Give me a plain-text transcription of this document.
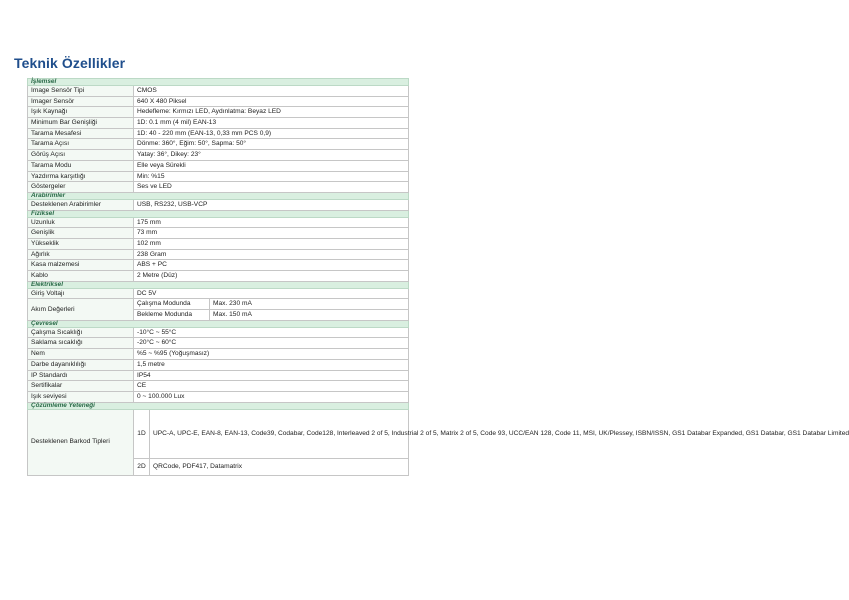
Teknik Özellikler
İşlemsel			
Image Sensör Tipi	CMOS		
Imager Sensör	640 X 480 Piksel		
Işık Kaynağı	Hedefleme: Kırmızı LED, Aydınlatma: Beyaz LED		
Minimum Bar Genişliği	1D: 0.1 mm (4 mil) EAN-13		
Tarama Mesafesi	1D: 40 - 220 mm (EAN-13, 0,33 mm PCS 0,9)		
Tarama Açısı	Dönme: 360°, Eğim: 50°, Sapma: 50°		
Görüş Açısı	Yatay: 36°, Dikey: 23°		
Tarama Modu	Elle veya Sürekli		
Yazdırma karşıtlığı	Min: %15		
Göstergeler	Ses ve LED		
Arabirimler			
Desteklenen Arabirimler	USB, RS232, USB-VCP		
Fiziksel			
Uzunluk	175 mm		
Genişlik	73 mm		
Yükseklik	102 mm		
Ağırlık	238 Gram		
Kasa malzemesi	ABS + PC		
Kablo	2 Metre (Düz)		
Elektriksel			
Giriş Voltajı	DC 5V		
Akım Değerleri	Çalışma Modunda		Max. 230 mA
	Bekleme Modunda		Max. 150 mA
Çevresel			
Çalışma Sıcaklığı	-10°C ~ 55°C		
Saklama sıcaklığı	-20°C ~ 60°C		
Nem	%5 ~ %95 (Yoğuşmasız)		
Darbe dayanıklılığı	1,5 metre		
IP Standardı	IP54		
Sertifikalar	CE		
Işık seviyesi	0 ~ 100.000 Lux		
Çözümleme Yeteneği			
Desteklenen Barkod Tipleri	1D	UPC-A, UPC-E, EAN-8, EAN-13, Code39, Codabar, Code128, Interleaved 2 of 5, Industrial 2 of 5, Matrix 2 of 5, Code 93, UCC/EAN 128, Code 11, MSI, UK/Plessey, ISBN/ISSN, GS1 Databar Expanded, GS1 Databar, GS1 Databar Limited	
	2D	QRCode, PDF417, Datamatrix	
